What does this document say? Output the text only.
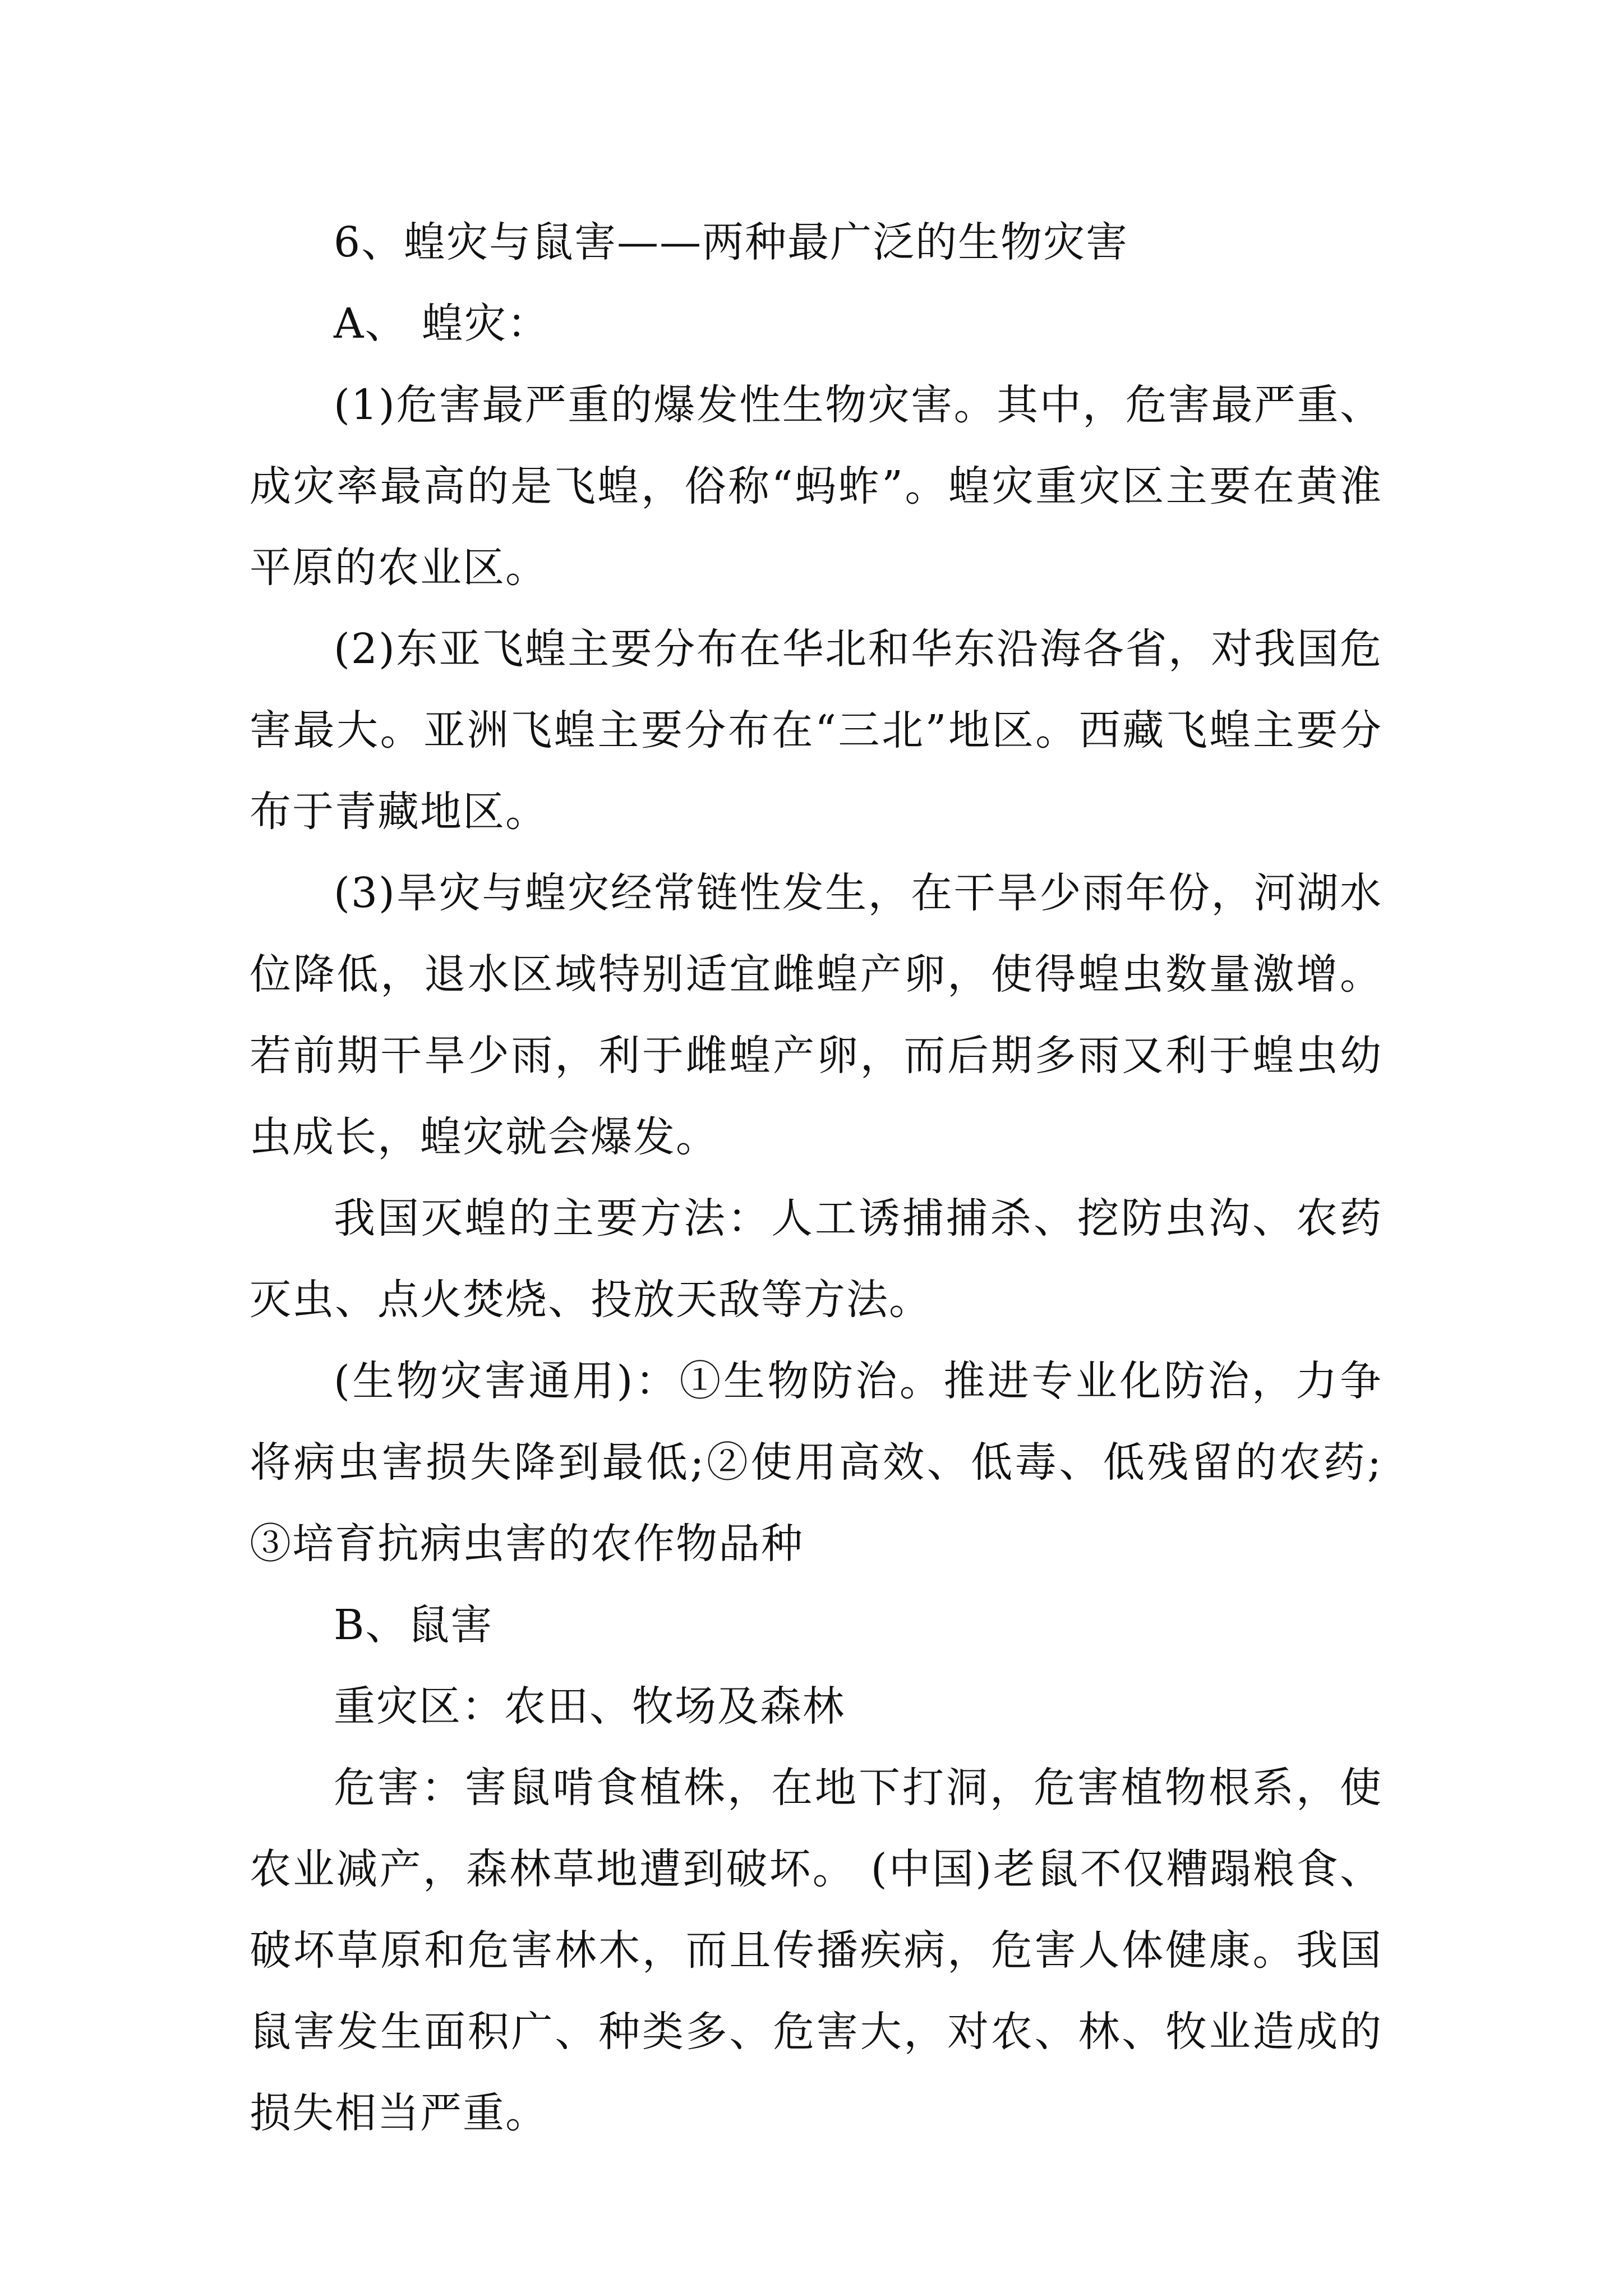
6、蝗灾与鼠害——两种最广泛的生物灾害

A、 蝗灾：

(1)危害最严重的爆发性生物灾害。其中，危害最严重、成灾率最高的是飞蝗，俗称“蚂蚱”。蝗灾重灾区主要在黄淮平原的农业区。

(2)东亚飞蝗主要分布在华北和华东沿海各省，对我国危害最大。亚洲飞蝗主要分布在“三北”地区。西藏飞蝗主要分布于青藏地区。

(3)旱灾与蝗灾经常链性发生，在干旱少雨年份，河湖水位降低，退水区域特别适宜雌蝗产卵，使得蝗虫数量激增。若前期干旱少雨，利于雌蝗产卵，而后期多雨又利于蝗虫幼虫成长，蝗灾就会爆发。

我国灭蝗的主要方法：人工诱捕捕杀、挖防虫沟、农药灭虫、点火焚烧、投放天敌等方法。

(生物灾害通用)：①生物防治。推进专业化防治，力争将病虫害损失降到最低;②使用高效、低毒、低残留的农药;③培育抗病虫害的农作物品种

B、鼠害

重灾区：农田、牧场及森林

危害：害鼠啃食植株，在地下打洞，危害植物根系，使农业减产，森林草地遭到破坏。 (中国)老鼠不仅糟蹋粮食、破坏草原和危害林木，而且传播疾病，危害人体健康。我国鼠害发生面积广、种类多、危害大，对农、林、牧业造成的损失相当严重。
